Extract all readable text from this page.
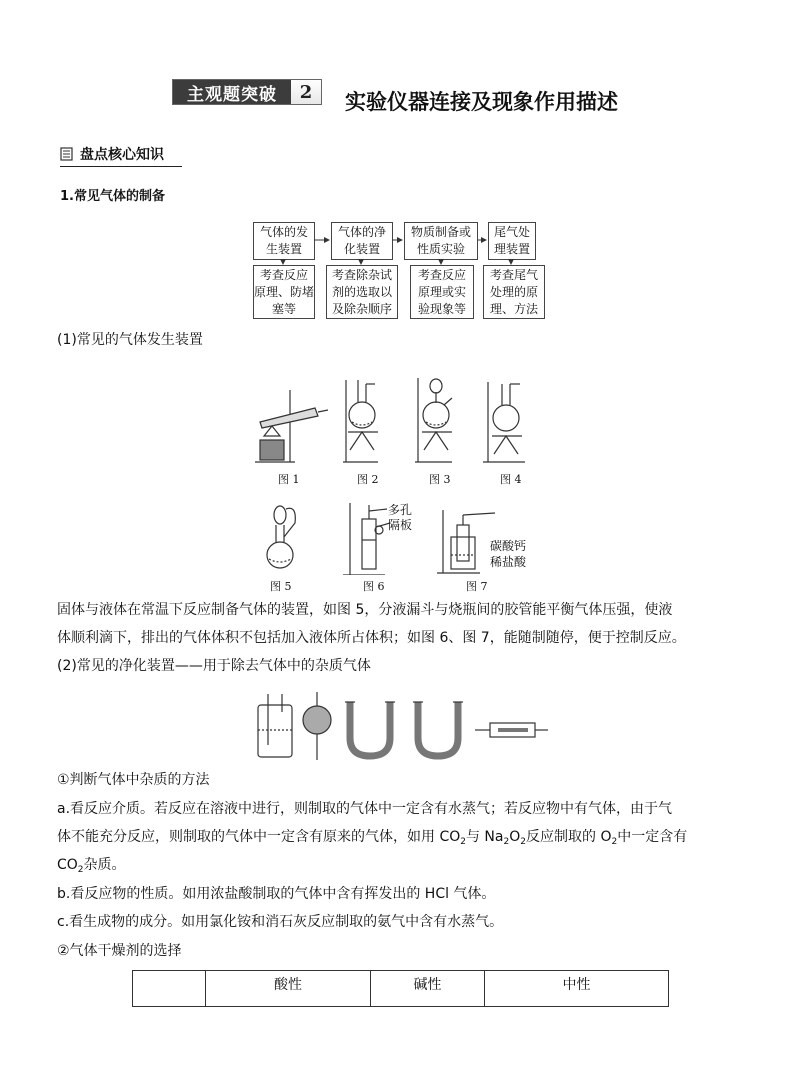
主观题突破	2	实验仪器连接及现象作用描述
盘点核心知识
1.常见气体的制备
气体的发
生装置
气体的净
化装置
物质制备或
性质实验
尾气处
理装置
考查反应
原理、防堵
塞等
考查除杂试
剂的选取以
及除杂顺序
考查反应
原理或实
验现象等
考查尾气
处理的原
理、方法
(1)常见的气体发生装置
图 1	图 2	图 3	图 4
多孔
隔板
碳酸钙
稀盐酸
图 5	图 6	图 7
固体与液体在常温下反应制备气体的装置，如图 5，分液漏斗与烧瓶间的胶管能平衡气体压强，使液
体顺利滴下，排出的气体体积不包括加入液体所占体积；如图 6、图 7，能随制随停，便于控制反应。
(2)常见的净化装置——用于除去气体中的杂质气体
①判断气体中杂质的方法
a.看反应介质。若反应在溶液中进行，则制取的气体中一定含有水蒸气；若反应物中有气体，由于气
体不能充分反应，则制取的气体中一定含有原来的气体，如用 $CO_2$与 $Na_2O_2$反应制取的 $O_2$中一定含有
$CO_2$杂质。
b.看反应物的性质。如用浓盐酸制取的气体中含有挥发出的 HCl 气体。
c.看生成物的成分。如用氯化铵和消石灰反应制取的氨气中含有水蒸气。
②气体干燥剂的选择
	酸性	碱性	中性
